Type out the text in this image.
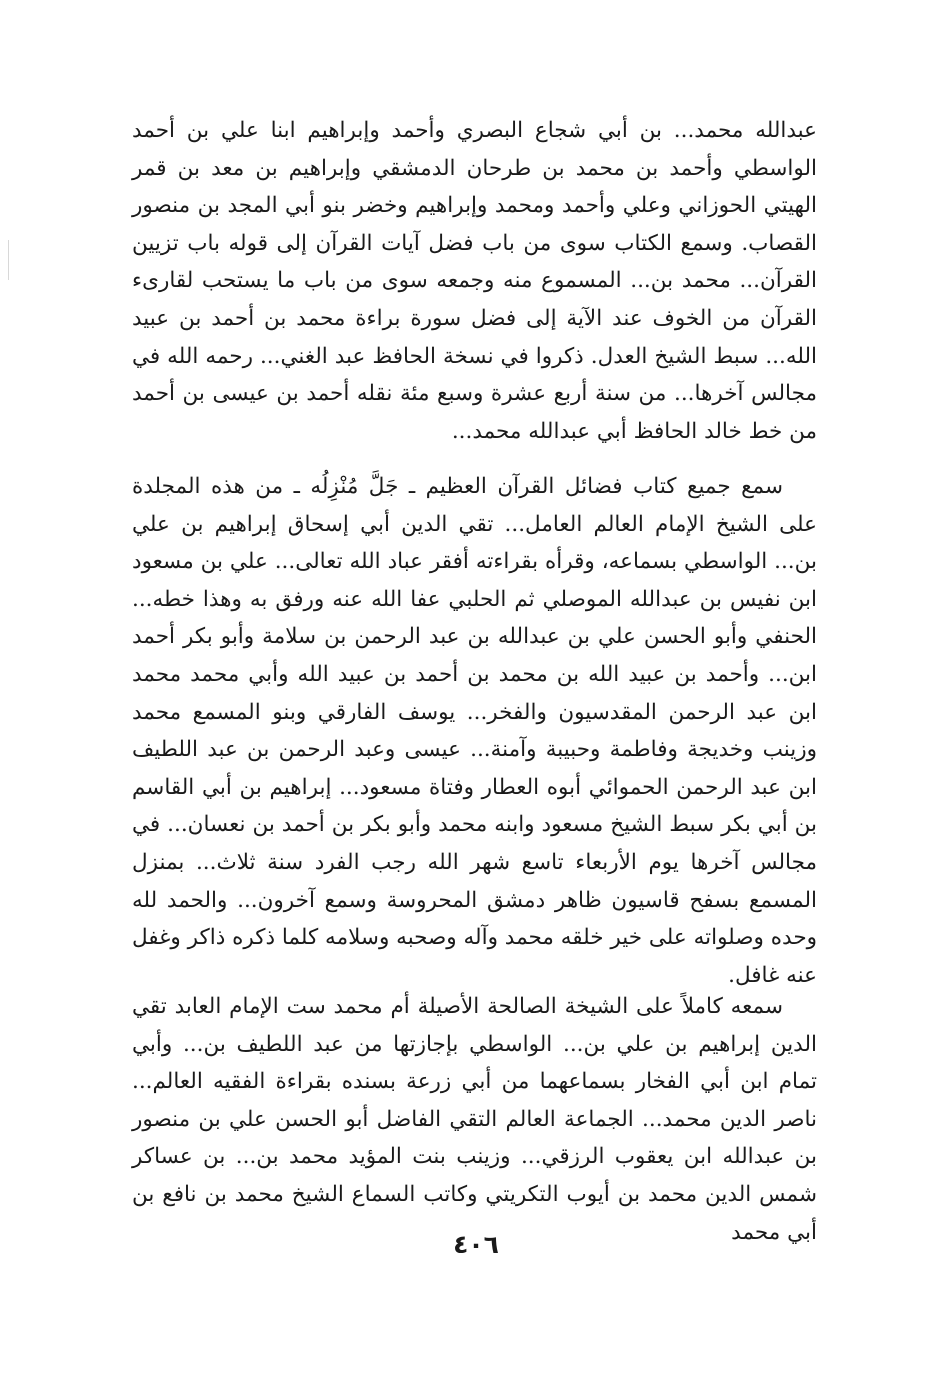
عبدالله محمد... بن أبي شجاع البصري وأحمد وإبراهيم ابنا علي بن أحمد الواسطي وأحمد بن محمد بن طرحان الدمشقي وإبراهيم بن معد بن قمر الهيتي الحوزاني وعلي وأحمد ومحمد وإبراهيم وخضر بنو أبي المجد بن منصور القصاب. وسمع الكتاب سوى من باب فضل آيات القرآن إلى قوله باب تزيين القرآن... محمد بن... المسموع منه وجمعه سوى من باب ما يستحب لقارىء القرآن من الخوف عند الآية إلى فضل سورة براءة محمد بن أحمد بن عبيد الله... سبط الشيخ العدل. ذكروا في نسخة الحافظ عبد الغني... رحمه الله في مجالس آخرها... من سنة أربع عشرة وسبع مئة نقله أحمد بن عيسى بن أحمد من خط خالد الحافظ أبي عبدالله محمد...

سمع جميع كتاب فضائل القرآن العظيم ـ جَلَّ مُنْزِلُه ـ من هذه المجلدة على الشيخ الإمام العالم العامل... تقي الدين أبي إسحاق إبراهيم بن علي بن... الواسطي بسماعه، وقرأه بقراءته أفقر عباد الله تعالى... علي بن مسعود ابن نفيس بن عبدالله الموصلي ثم الحلبي عفا الله عنه ورفق به وهذا خطه... الحنفي وأبو الحسن علي بن عبدالله بن عبد الرحمن بن سلامة وأبو بكر أحمد ابن... وأحمد بن عبيد الله بن محمد بن أحمد بن عبيد الله وأبي محمد محمد ابن عبد الرحمن المقدسيون والفخر... يوسف الفارقي وبنو المسمع محمد وزينب وخديجة وفاطمة وحبيبة وآمنة... عيسى وعبد الرحمن بن عبد اللطيف ابن عبد الرحمن الحموائي أبوه العطار وفتاة مسعود... إبراهيم بن أبي القاسم بن أبي بكر سبط الشيخ مسعود وابنه محمد وأبو بكر بن أحمد بن نعسان... في مجالس آخرها يوم الأربعاء تاسع شهر الله رجب الفرد سنة ثلاث... بمنزل المسمع بسفح قاسيون ظاهر دمشق المحروسة وسمع آخرون... والحمد لله وحده وصلواته على خير خلقه محمد وآله وصحبه وسلامه كلما ذكره ذاكر وغفل عنه غافل.

سمعه كاملاً على الشيخة الصالحة الأصيلة أم محمد ست الإمام العابد تقي الدين إبراهيم بن علي بن... الواسطي بإجازتها من عبد اللطيف بن... وأبي تمام ابن أبي الفخار بسماعهما من أبي زرعة بسنده بقراءة الفقيه العالم... ناصر الدين محمد... الجماعة العالم التقي الفاضل أبو الحسن علي بن منصور بن عبدالله ابن يعقوب الرزقي... وزينب بنت المؤيد محمد بن... بن عساكر شمس الدين محمد بن أيوب التكريتي وكاتب السماع الشيخ محمد بن نافع بن أبي محمد

٤٠٦
